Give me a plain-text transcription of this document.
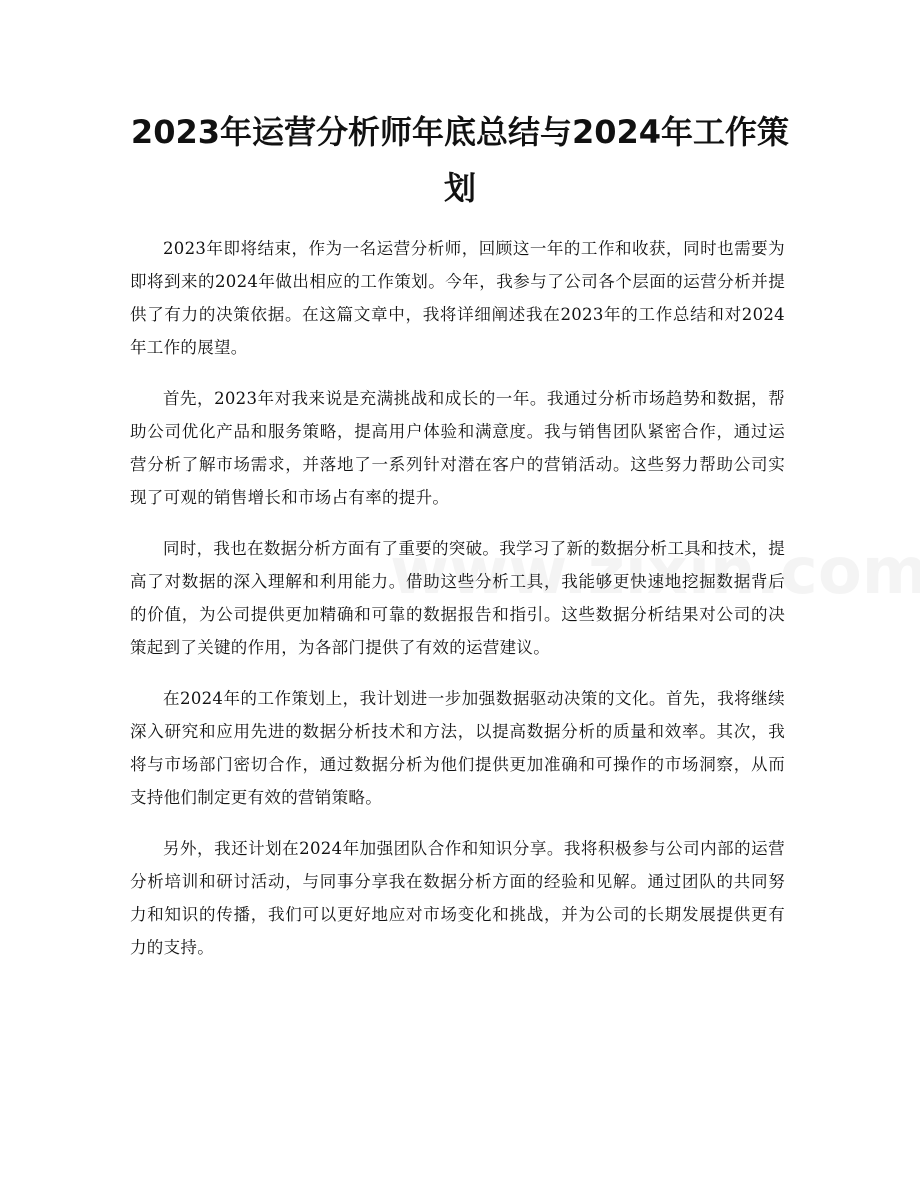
2023年运营分析师年底总结与2024年工作策划

2023年即将结束，作为一名运营分析师，回顾这一年的工作和收获，同时也需要为即将到来的2024年做出相应的工作策划。今年，我参与了公司各个层面的运营分析并提供了有力的决策依据。在这篇文章中，我将详细阐述我在2023年的工作总结和对2024年工作的展望。

首先，2023年对我来说是充满挑战和成长的一年。我通过分析市场趋势和数据，帮助公司优化产品和服务策略，提高用户体验和满意度。我与销售团队紧密合作，通过运营分析了解市场需求，并落地了一系列针对潜在客户的营销活动。这些努力帮助公司实现了可观的销售增长和市场占有率的提升。

同时，我也在数据分析方面有了重要的突破。我学习了新的数据分析工具和技术，提高了对数据的深入理解和利用能力。借助这些分析工具，我能够更快速地挖掘数据背后的价值，为公司提供更加精确和可靠的数据报告和指引。这些数据分析结果对公司的决策起到了关键的作用，为各部门提供了有效的运营建议。

在2024年的工作策划上，我计划进一步加强数据驱动决策的文化。首先，我将继续深入研究和应用先进的数据分析技术和方法，以提高数据分析的质量和效率。其次，我将与市场部门密切合作，通过数据分析为他们提供更加准确和可操作的市场洞察，从而支持他们制定更有效的营销策略。

另外，我还计划在2024年加强团队合作和知识分享。我将积极参与公司内部的运营分析培训和研讨活动，与同事分享我在数据分析方面的经验和见解。通过团队的共同努力和知识的传播，我们可以更好地应对市场变化和挑战，并为公司的长期发展提供更有力的支持。
